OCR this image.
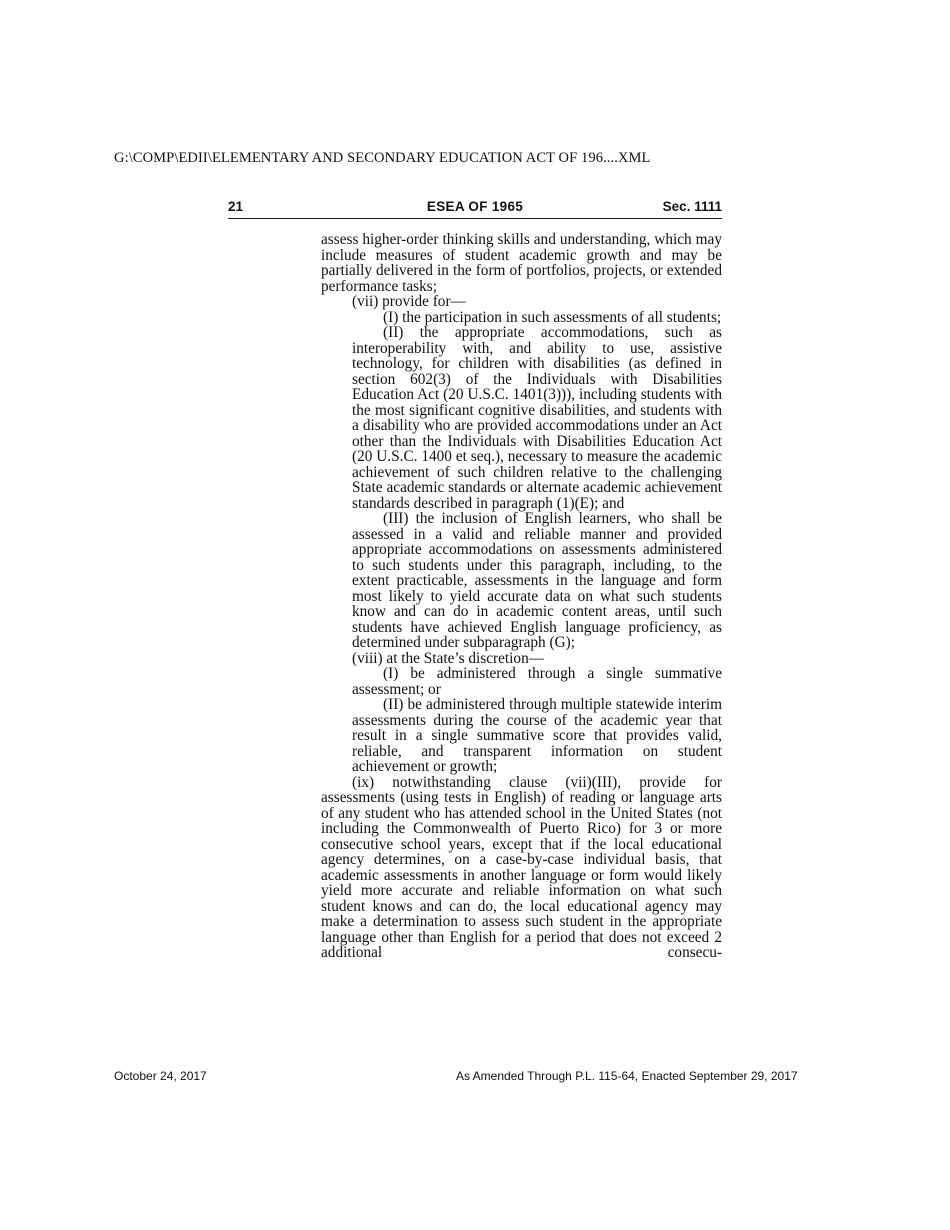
G:\COMP\EDII\ELEMENTARY AND SECONDARY EDUCATION ACT OF 196....XML
21	ESEA OF 1965	Sec. 1111

assess higher-order thinking skills and understanding, which may include measures of student academic growth and may be partially delivered in the form of portfolios, projects, or extended performance tasks;

(vii) provide for—

(I) the participation in such assessments of all students;

(II) the appropriate accommodations, such as interoperability with, and ability to use, assistive technology, for children with disabilities (as defined in section 602(3) of the Individuals with Disabilities Education Act (20 U.S.C. 1401(3))), including students with the most significant cognitive disabilities, and students with a disability who are provided accommodations under an Act other than the Individuals with Disabilities Education Act (20 U.S.C. 1400 et seq.), necessary to measure the academic achievement of such children relative to the challenging State academic standards or alternate academic achievement standards described in paragraph (1)(E); and

(III) the inclusion of English learners, who shall be assessed in a valid and reliable manner and provided appropriate accommodations on assessments administered to such students under this paragraph, including, to the extent practicable, assessments in the language and form most likely to yield accurate data on what such students know and can do in academic content areas, until such students have achieved English language proficiency, as determined under subparagraph (G);

(viii) at the State’s discretion—

(I) be administered through a single summative assessment; or

(II) be administered through multiple statewide interim assessments during the course of the academic year that result in a single summative score that provides valid, reliable, and transparent information on student achievement or growth;

(ix) notwithstanding clause (vii)(III), provide for assessments (using tests in English) of reading or language arts of any student who has attended school in the United States (not including the Commonwealth of Puerto Rico) for 3 or more consecutive school years, except that if the local educational agency determines, on a case-by-case individual basis, that academic assessments in another language or form would likely yield more accurate and reliable information on what such student knows and can do, the local educational agency may make a determination to assess such student in the appropriate language other than English for a period that does not exceed 2 additional consecu-

October 24, 2017	As Amended Through P.L. 115-64, Enacted September 29, 2017
